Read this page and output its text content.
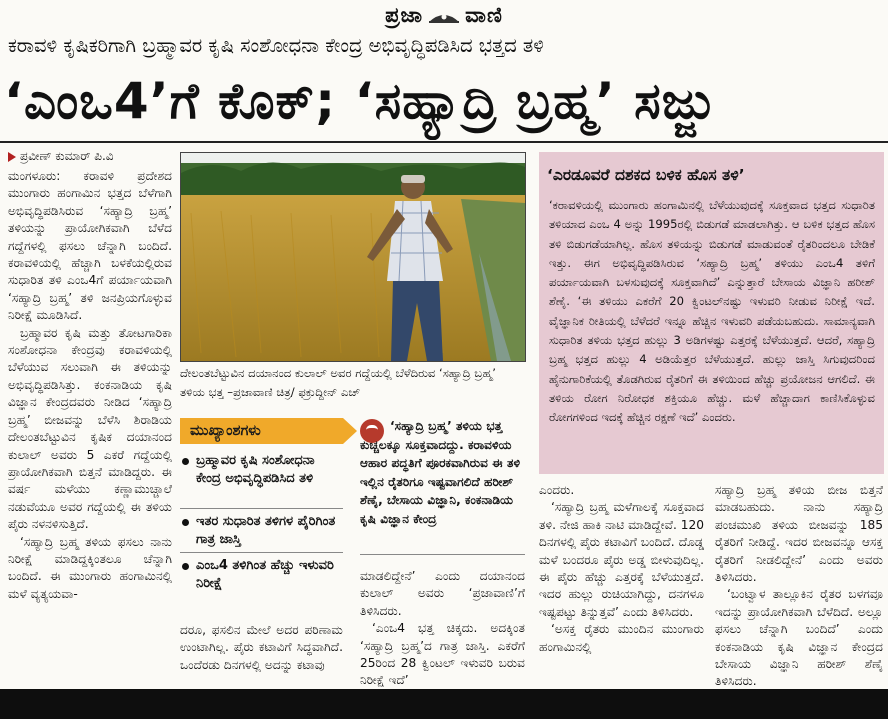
ಪ್ರಜಾ ವಾಣಿ
ಕರಾವಳಿ ಕೃಷಿಕರಿಗಾಗಿ ಬ್ರಹ್ಮಾವರ ಕೃಷಿ ಸಂಶೋಧನಾ ಕೇಂದ್ರ ಅಭಿವೃದ್ಧಿಪಡಿಸಿದ ಭತ್ತದ ತಳಿ
‘ಎಂಒ4’ಗೆ ಕೊಕ್; ‘ಸಹ್ಯಾದ್ರಿ ಬ್ರಹ್ಮ’ ಸಜ್ಜು
ಪ್ರವೀಣ್ ಕುಮಾರ್ ಪಿ.ವಿ

ಮಂಗಳೂರು: ಕರಾವಳಿ ಪ್ರದೇಶದ ಮುಂಗಾರು ಹಂಗಾಮಿನ ಭತ್ತದ ಬೆಳೆಗಾಗಿ ಅಭಿವೃದ್ಧಿಪಡಿಸಿರುವ ‘ಸಹ್ಯಾದ್ರಿ ಬ್ರಹ್ಮ’ ತಳಿಯನ್ನು ಪ್ರಾಯೋಗಿಕವಾಗಿ ಬೆಳೆದ ಗದ್ದೆಗಳಲ್ಲಿ ಫಸಲು ಚೆನ್ನಾಗಿ ಬಂದಿದೆ. ಕರಾವಳಿಯಲ್ಲಿ ಹೆಚ್ಚಾಗಿ ಬಳಕೆಯಲ್ಲಿರುವ ಸುಧಾರಿತ ತಳಿ ಎಂಒ4ಗೆ ಪರ್ಯಾಯವಾಗಿ ‘ಸಹ್ಯಾದ್ರಿ ಬ್ರಹ್ಮ’ ತಳಿ ಜನಪ್ರಿಯಗೊಳ್ಳುವ ನಿರೀಕ್ಷೆ ಮೂಡಿಸಿದೆ.

ಬ್ರಹ್ಮಾವರ ಕೃಷಿ ಮತ್ತು ತೋಟಗಾರಿಕಾ ಸಂಶೋಧನಾ ಕೇಂದ್ರವು ಕರಾವಳಿಯಲ್ಲಿ ಬೆಳೆಯುವ ಸಲುವಾಗಿ ಈ ತಳಿಯನ್ನು ಅಭಿವೃದ್ಧಿಪಡಿಸಿತ್ತು. ಕಂಕನಾಡಿಯ ಕೃಷಿ ವಿಜ್ಞಾನ ಕೇಂದ್ರದವರು ನೀಡಿದ ‘ಸಹ್ಯಾದ್ರಿ ಬ್ರಹ್ಮ’ ಬೀಜವನ್ನು ಬೆಳೆಸಿ ಶಿರಾಡಿಯ ದೇಲಂತಬೆಟ್ಟುವಿನ ಕೃಷಿಕ ದಯಾನಂದ ಕುಲಾಲ್ ಅವರು 5 ಎಕರೆ ಗದ್ದೆಯಲ್ಲಿ ಪ್ರಾಯೋಗಿಕವಾಗಿ ಬಿತ್ತನೆ ಮಾಡಿದ್ದರು. ಈ ವರ್ಷ ಮಳೆಯು ಕಣ್ಣಾಮುಚ್ಚಾಲೆ ನಡುವೆಯೂ ಅವರ ಗದ್ದೆಯಲ್ಲಿ ಈ ತಳಿಯ ಪೈರು ನಳನಳಿಸುತ್ತಿದೆ.

‘ಸಹ್ಯಾದ್ರಿ ಬ್ರಹ್ಮ ತಳಿಯ ಫಸಲು ನಾನು ನಿರೀಕ್ಷೆ ಮಾಡಿದ್ದಕ್ಕಿಂತಲೂ ಚೆನ್ನಾಗಿ ಬಂದಿದೆ. ಈ ಮುಂಗಾರು ಹಂಗಾಮಿನಲ್ಲಿ ಮಳೆ ವ್ಯತ್ಯಯವಾ-

ದೇಲಂತಬೆಟ್ಟುವಿನ ದಯಾನಂದ ಕುಲಾಲ್ ಅವರ ಗದ್ದೆಯಲ್ಲಿ ಬೆಳೆದಿರುವ ‘ಸಹ್ಯಾದ್ರಿ ಬ್ರಹ್ಮ’ ತಳಿಯ ಭತ್ತ –ಪ್ರಜಾವಾಣಿ ಚಿತ್ರ/ ಫಕ್ರುದ್ದೀನ್ ಎಚ್
‘ಎರಡೂವರೆ ದಶಕದ ಬಳಿಕ ಹೊಸ ತಳಿ’
‘ಕರಾವಳಿಯಲ್ಲಿ ಮುಂಗಾರು ಹಂಗಾಮಿನಲ್ಲಿ ಬೆಳೆಯುವುದಕ್ಕೆ ಸೂಕ್ತವಾದ ಭತ್ತದ ಸುಧಾರಿತ ತಳಿಯಾದ ಎಂಒ 4 ಅನ್ನು 1995ರಲ್ಲಿ ಬಿಡುಗಡೆ ಮಾಡಲಾಗಿತ್ತು. ಆ ಬಳಿಕ ಭತ್ತದ ಹೊಸ ತಳಿ ಬಿಡುಗಡೆಯಾಗಿಲ್ಲ. ಹೊಸ ತಳಿಯನ್ನು ಬಿಡುಗಡೆ ಮಾಡುವಂತೆ ರೈತರಿಂದಲೂ ಬೇಡಿಕೆ ಇತ್ತು. ಈಗ ಅಭಿವೃದ್ಧಿಪಡಿಸಿರುವ ‘ಸಹ್ಯಾದ್ರಿ ಬ್ರಹ್ಮ’ ತಳಿಯು ಎಂಒ4 ತಳಿಗೆ ಪರ್ಯಾಯವಾಗಿ ಬಳಸುವುದಕ್ಕೆ ಸೂಕ್ತವಾಗಿದೆ’ ಎನ್ನುತ್ತಾರೆ ಬೇಸಾಯ ವಿಜ್ಞಾನಿ ಹರೀಶ್ ಶೆಣೈ. ‘ಈ ತಳಿಯು ಎಕರೆಗೆ 20 ಕ್ವಿಂಟಲ್‌ನಷ್ಟು ಇಳುವರಿ ನೀಡುವ ನಿರೀಕ್ಷೆ ಇದೆ. ವೈಜ್ಞಾನಿಕ ರೀತಿಯಲ್ಲಿ ಬೆಳೆದರೆ ಇನ್ನೂ ಹೆಚ್ಚಿನ ಇಳುವರಿ ಪಡೆಯಬಹುದು. ಸಾಮಾನ್ಯವಾಗಿ ಸುಧಾರಿತ ತಳಿಯ ಭತ್ತದ ಹುಲ್ಲು 3 ಅಡಿಗಳಷ್ಟು ಎತ್ತರಕ್ಕೆ ಬೆಳೆಯುತ್ತದೆ. ಆದರೆ, ಸಹ್ಯಾದ್ರಿ ಬ್ರಹ್ಮ ಭತ್ತದ ಹುಲ್ಲು 4 ಅಡಿಯೆತ್ತರ ಬೆಳೆಯುತ್ತದೆ. ಹುಲ್ಲು ಜಾಸ್ತಿ ಸಿಗುವುದರಿಂದ ಹೈನುಗಾರಿಕೆಯಲ್ಲಿ ತೊಡಗಿರುವ ರೈತರಿಗೆ ಈ ತಳಿಯಿಂದ ಹೆಚ್ಚು ಪ್ರಯೋಜನ ಆಗಲಿದೆ. ಈ ತಳಿಯ ರೋಗ ನಿರೋಧಕ ಶಕ್ತಿಯೂ ಹೆಚ್ಚು. ಮಳೆ ಹೆಚ್ಚಾದಾಗ ಕಾಣಿಸಿಕೊಳ್ಳುವ ರೋಗಗಳಿಂದ ಇದಕ್ಕೆ ಹೆಚ್ಚಿನ ರಕ್ಷಣೆ ಇದೆ’ ಎಂದರು.
ಮುಖ್ಯಾಂಶಗಳು
ಬ್ರಹ್ಮಾವರ ಕೃಷಿ ಸಂಶೋಧನಾ ಕೇಂದ್ರ ಅಭಿವೃದ್ಧಿಪಡಿಸಿದ ತಳಿ
ಇತರ ಸುಧಾರಿತ ತಳಿಗಳ ಪೈರಿಗಿಂತ ಗಾತ್ರ ಜಾಸ್ತಿ
ಎಂಒ4 ತಳಿಗಿಂತ ಹೆಚ್ಚು ಇಳುವರಿ ನಿರೀಕ್ಷೆ

ದರೂ, ಫಸಲಿನ ಮೇಲೆ ಅದರ ಪರಿಣಾಮ ಉಂಟಾಗಿಲ್ಲ. ಪೈರು ಕಟಾವಿಗೆ ಸಿದ್ಧವಾಗಿದೆ. ಒಂದೆರಡು ದಿನಗಳಲ್ಲಿ ಅದನ್ನು ಕಟಾವು

‘ಸಹ್ಯಾದ್ರಿ ಬ್ರಹ್ಮ’ ತಳಿಯ ಭತ್ತ ಕುಚ್ಚಲಕ್ಕೂ ಸೂಕ್ತವಾದದ್ದು. ಕರಾವಳಿಯ ಆಹಾರ ಪದ್ಧತಿಗೆ ಪೂರಕವಾಗಿರುವ ಈ ತಳಿ ಇಲ್ಲಿನ ರೈತರಿಗೂ ಇಷ್ಟವಾಗಲಿದೆ ಹರೀಶ್ ಶೆಣೈ, ಬೇಸಾಯ ವಿಜ್ಞಾನಿ, ಕಂಕನಾಡಿಯ ಕೃಷಿ ವಿಜ್ಞಾನ ಕೇಂದ್ರ

ಮಾಡಲಿದ್ದೇನೆ’ ಎಂದು ದಯಾನಂದ ಕುಲಾಲ್ ಅವರು ‘ಪ್ರಜಾವಾಣಿ’ಗೆ ತಿಳಿಸಿದರು.

‘ಎಂಒ4 ಭತ್ತ ಚಿಕ್ಕದು. ಅದಕ್ಕಿಂತ ‘ಸಹ್ಯಾದ್ರಿ ಬ್ರಹ್ಮ’ದ ಗಾತ್ರ ಜಾಸ್ತಿ. ಎಕರೆಗೆ 25ರಿಂದ 28 ಕ್ವಿಂಟಲ್ ಇಳುವರಿ ಬರುವ ನಿರೀಕ್ಷೆ ಇದೆ’

ಎಂದರು.

‘ಸಹ್ಯಾದ್ರಿ ಬ್ರಹ್ಮ ಮಳೆಗಾಲಕ್ಕೆ ಸೂಕ್ತವಾದ ತಳಿ. ನೇಜಿ ಹಾಕಿ ನಾಟಿ ಮಾಡಿದ್ದೇವೆ. 120 ದಿನಗಳಲ್ಲಿ ಪೈರು ಕಟಾವಿಗೆ ಬಂದಿದೆ. ದೊಡ್ಡ ಮಳೆ ಬಂದರೂ ಪೈರು ಅಡ್ಡ ಬೀಳುವುದಿಲ್ಲ. ಈ ಪೈರು ಹೆಚ್ಚು ಎತ್ತರಕ್ಕೆ ಬೆಳೆಯುತ್ತದೆ. ಇದರ ಹುಲ್ಲು ರುಚಿಯಾಗಿದ್ದು, ದನಗಳೂ ಇಷ್ಟಪಟ್ಟು ತಿನ್ನುತ್ತವೆ’ ಎಂದು ತಿಳಿಸಿದರು.

‘ಅಸಕ್ತ ರೈತರು ಮುಂದಿನ ಮುಂಗಾರು ಹಂಗಾಮಿನಲ್ಲಿ

ಸಹ್ಯಾದ್ರಿ ಬ್ರಹ್ಮ ತಳಿಯ ಬೀಜ ಬಿತ್ತನೆ ಮಾಡಬಹುದು. ನಾನು ಸಹ್ಯಾದ್ರಿ ಪಂಚಮುಖಿ ತಳಿಯ ಬೀಜವನ್ನು 185 ರೈತರಿಗೆ ನೀಡಿದ್ದೆ. ಇದರ ಬೀಜವನ್ನೂ ಆಸಕ್ತ ರೈತರಿಗೆ ನೀಡಲಿದ್ದೇನೆ’ ಎಂದು ಅವರು ತಿಳಿಸಿದರು.

‘ಬಂಟ್ವಾಳ ತಾಲ್ಲೂಕಿನ ರೈತರ ಬಳಗವೂ ಇದನ್ನು ಪ್ರಾಯೋಗಿಕವಾಗಿ ಬೆಳೆದಿದೆ. ಅಲ್ಲೂ ಫಸಲು ಚೆನ್ನಾಗಿ ಬಂದಿದೆ’ ಎಂದು ಕಂಕನಾಡಿಯ ಕೃಷಿ ವಿಜ್ಞಾನ ಕೇಂದ್ರದ ಬೇಸಾಯ ವಿಜ್ಞಾನಿ ಹರೀಶ್ ಶೆಣೈ ತಿಳಿಸಿದರು.
